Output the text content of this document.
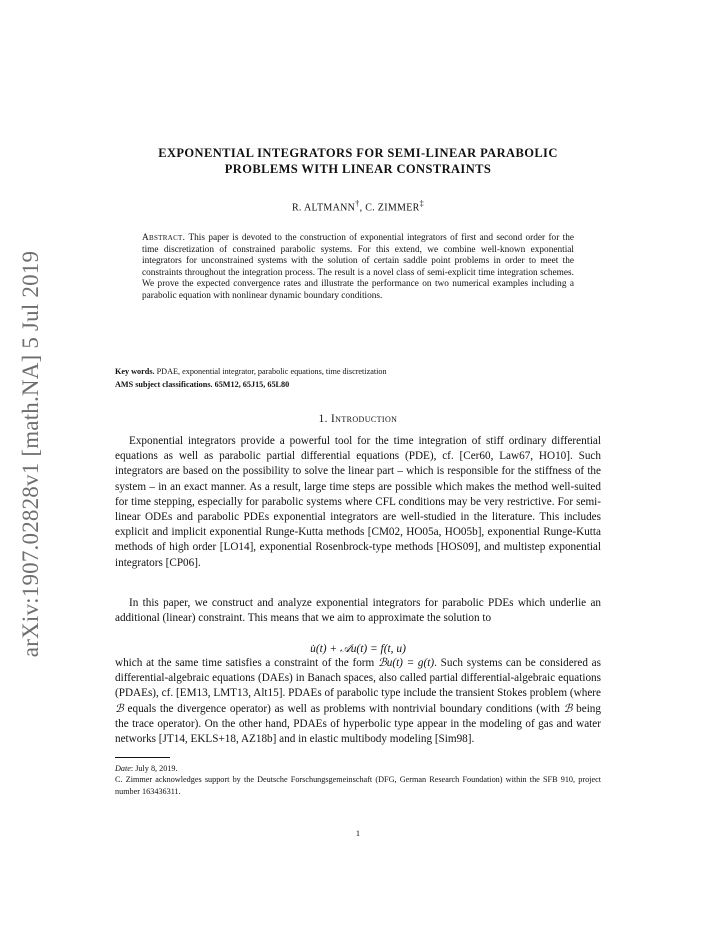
arXiv:1907.02828v1 [math.NA] 5 Jul 2019
EXPONENTIAL INTEGRATORS FOR SEMI-LINEAR PARABOLIC
PROBLEMS WITH LINEAR CONSTRAINTS
R. ALTMANN†, C. ZIMMER‡
Abstract. This paper is devoted to the construction of exponential integrators of first and second order for the time discretization of constrained parabolic systems. For this extend, we combine well-known exponential integrators for unconstrained systems with the solution of certain saddle point problems in order to meet the constraints throughout the integration process. The result is a novel class of semi-explicit time integration schemes. We prove the expected convergence rates and illustrate the performance on two numerical examples including a parabolic equation with nonlinear dynamic boundary conditions.
Key words. PDAE, exponential integrator, parabolic equations, time discretization
AMS subject classifications. 65M12, 65J15, 65L80
1. Introduction
Exponential integrators provide a powerful tool for the time integration of stiff ordinary differential equations as well as parabolic partial differential equations (PDE), cf. [Cer60, Law67, HO10]. Such integrators are based on the possibility to solve the linear part – which is responsible for the stiffness of the system – in an exact manner. As a result, large time steps are possible which makes the method well-suited for time stepping, especially for parabolic systems where CFL conditions may be very restrictive. For semi-linear ODEs and parabolic PDEs exponential integrators are well-studied in the literature. This includes explicit and implicit exponential Runge-Kutta methods [CM02, HO05a, HO05b], exponential Runge-Kutta methods of high order [LO14], exponential Rosenbrock-type methods [HOS09], and multistep exponential integrators [CP06].
In this paper, we construct and analyze exponential integrators for parabolic PDEs which underlie an additional (linear) constraint. This means that we aim to approximate the solution to
u̇(t) + 𝒜u(t) = f(t, u)
which at the same time satisfies a constraint of the form ℬu(t) = g(t). Such systems can be considered as differential-algebraic equations (DAEs) in Banach spaces, also called partial differential-algebraic equations (PDAEs), cf. [EM13, LMT13, Alt15]. PDAEs of parabolic type include the transient Stokes problem (where ℬ equals the divergence operator) as well as problems with nontrivial boundary conditions (with ℬ being the trace operator). On the other hand, PDAEs of hyperbolic type appear in the modeling of gas and water networks [JT14, EKLS+18, AZ18b] and in elastic multibody modeling [Sim98].
Date: July 8, 2019.
C. Zimmer acknowledges support by the Deutsche Forschungsgemeinschaft (DFG, German Research Foundation) within the SFB 910, project number 163436311.
1
